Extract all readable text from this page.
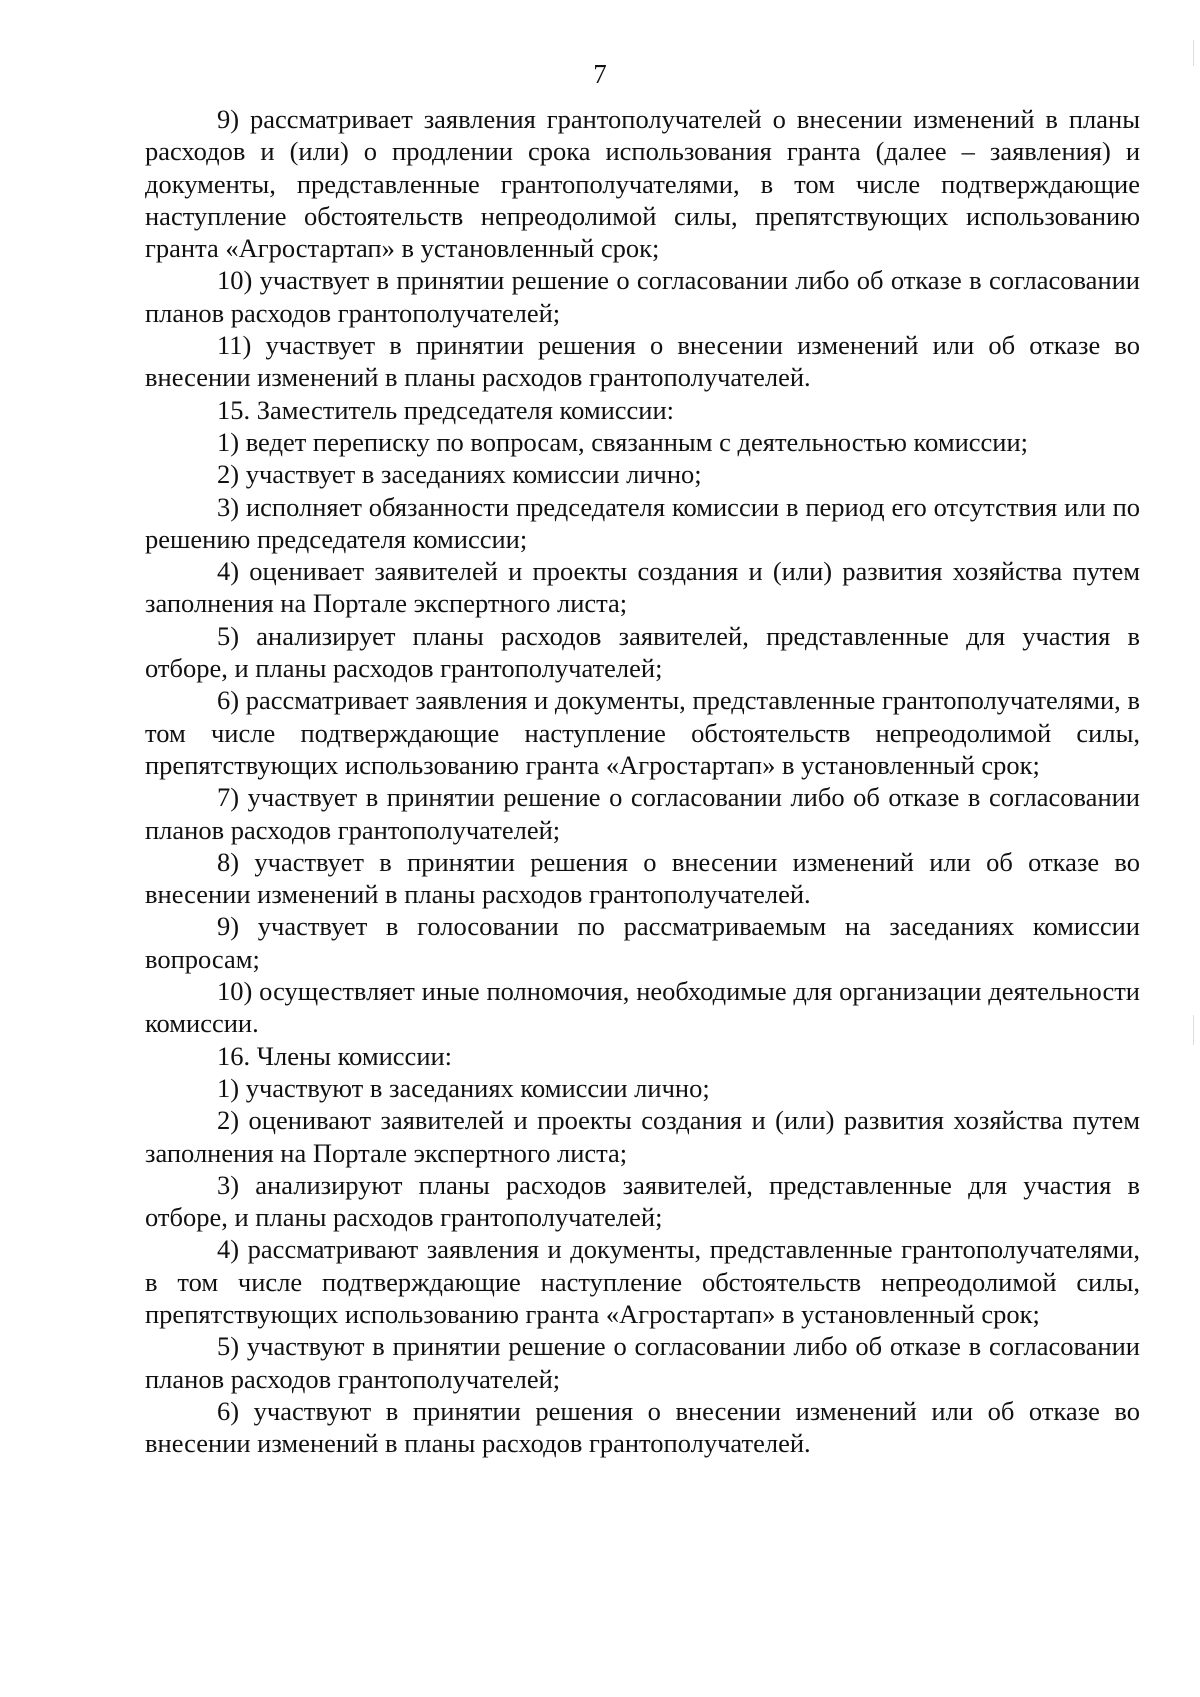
7

9) рассматривает заявления грантополучателей о внесении изменений в планы расходов и (или) о продлении срока использования гранта (далее – заявления) и документы, представленные грантополучателями, в том числе подтверждающие наступление обстоятельств непреодолимой силы, препятствующих использованию гранта «Агростартап» в установленный срок;

10) участвует в принятии решение о согласовании либо об отказе в согласовании планов расходов грантополучателей;

11) участвует в принятии решения о внесении изменений или об отказе во внесении изменений в планы расходов грантополучателей.

15. Заместитель председателя комиссии:

1) ведет переписку по вопросам, связанным с деятельностью комиссии;

2) участвует в заседаниях комиссии лично;

3) исполняет обязанности председателя комиссии в период его отсутствия или по решению председателя комиссии;

4) оценивает заявителей и проекты создания и (или) развития хозяйства путем заполнения на Портале экспертного листа;

5) анализирует планы расходов заявителей, представленные для участия в отборе, и планы расходов грантополучателей;

6) рассматривает заявления и документы, представленные грантополучателями, в том числе подтверждающие наступление обстоятельств непреодолимой силы, препятствующих использованию гранта «Агростартап» в установленный срок;

7) участвует в принятии решение о согласовании либо об отказе в согласовании планов расходов грантополучателей;

8) участвует в принятии решения о внесении изменений или об отказе во внесении изменений в планы расходов грантополучателей.

9) участвует в голосовании по рассматриваемым на заседаниях комиссии вопросам;

10) осуществляет иные полномочия, необходимые для организации деятельности комиссии.

16. Члены комиссии:

1) участвуют в заседаниях комиссии лично;

2) оценивают заявителей и проекты создания и (или) развития хозяйства путем заполнения на Портале экспертного листа;

3) анализируют планы расходов заявителей, представленные для участия в отборе, и планы расходов грантополучателей;

4) рассматривают заявления и документы, представленные грантополучателями, в том числе подтверждающие наступление обстоятельств непреодолимой силы, препятствующих использованию гранта «Агростартап» в установленный срок;

5) участвуют в принятии решение о согласовании либо об отказе в согласовании планов расходов грантополучателей;

6) участвуют в принятии решения о внесении изменений или об отказе во внесении изменений в планы расходов грантополучателей.
